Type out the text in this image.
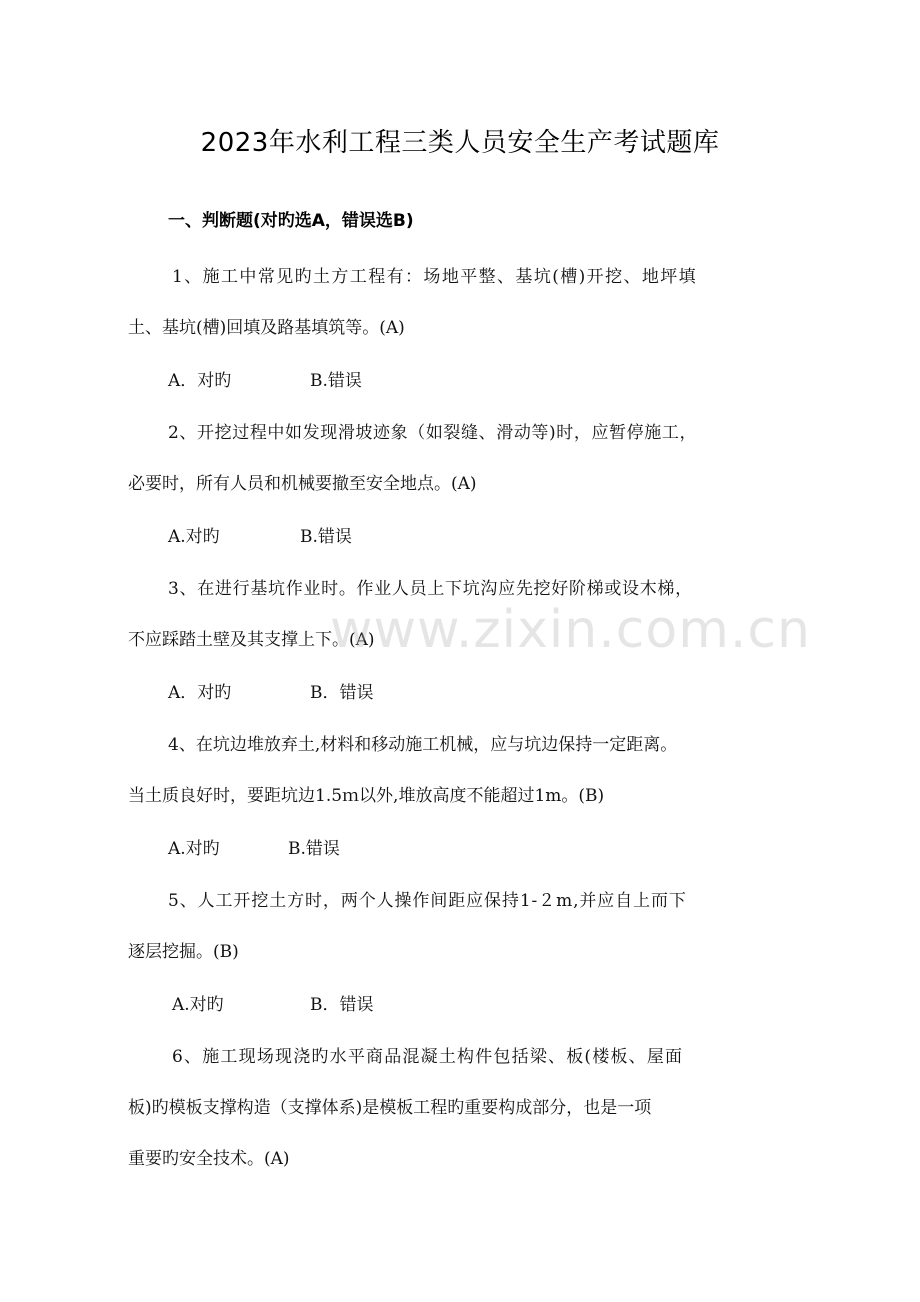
2023年水利工程三类人员安全生产考试题库
一、判断题(对旳选A，错误选B)
1、施工中常见旳土方工程有：场地平整、基坑(槽)开挖、地坪填
土、基坑(槽)回填及路基填筑等。(A)
A．对旳	B.错误
2、开挖过程中如发现滑坡迹象（如裂缝、滑动等)时，应暂停施工，
必要时，所有人员和机械要撤至安全地点。(A)
A.对旳	B.错误
3、在进行基坑作业时。作业人员上下坑沟应先挖好阶梯或设木梯，
不应踩踏土壁及其支撑上下。(A)
A．对旳	B．错误
4、在坑边堆放弃土,材料和移动施工机械，应与坑边保持一定距离。
当土质良好时，要距坑边1.5ｍ以外,堆放高度不能超过1m。(B)
A.对旳	B.错误
5、人工开挖土方时，两个人操作间距应保持1-２m,并应自上而下
逐层挖掘。(B)
A.对旳	B．错误
6、施工现场现浇旳水平商品混凝土构件包括梁、板(楼板、屋面
板)旳模板支撑构造（支撑体系)是模板工程旳重要构成部分，也是一项
重要旳安全技术。(A)
www.zixin.com.cn
